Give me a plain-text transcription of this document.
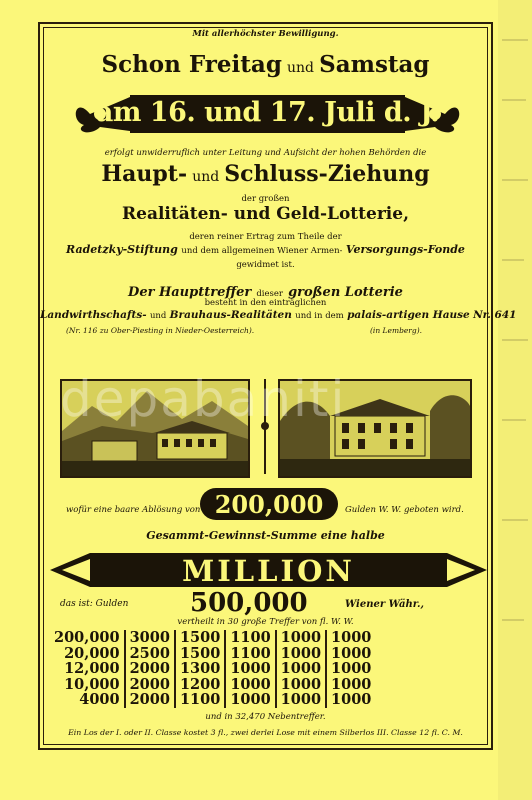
Mit allerhöchster Bewilligung.
Schon Freitag und Samstag
am 16. und 17. Juli d. J.
erfolgt unwiderruflich unter Leitung und Aufsicht der hohen Behörden die
Haupt- und Schluss-Ziehung
der großen
Realitäten- und Geld-Lotterie,
deren reiner Ertrag zum Theile der
Radetzky-Stiftung und dem allgemeinen Wiener Armen- Versorgungs-Fonde
gewidmet ist.
Der Haupttreffer dieser großen Lotterie
besteht in den einträglichen
Landwirthschafts- und Brauhaus-Realitäten und in dem palais-artigen Hause Nr. 641
(Nr. 116 zu Ober-Piesting in Nieder-Oesterreich).	(in Lemberg).
wofür eine baare Ablösung von 200,000	Gulden W. W. geboten wird.
Gesammt-Gewinnst-Summe eine halbe
MILLION
das ist: Gulden 500,000	Wiener Währ.,
vertheilt in 30 große Treffer von fl. W. W.
200,000	3000	1500	1100	1000	1000
20,000	2500	1500	1100	1000	1000
12,000	2000	1300	1000	1000	1000
10,000	2000	1200	1000	1000	1000
4000	2000	1100	1000	1000	1000
und in 32,470 Nebentreffer.
Ein Los der I. oder II. Classe kostet 3 fl., zwei derlei Lose mit einem Silberlos III. Classe 12 fl. C. M.
depabaniti
